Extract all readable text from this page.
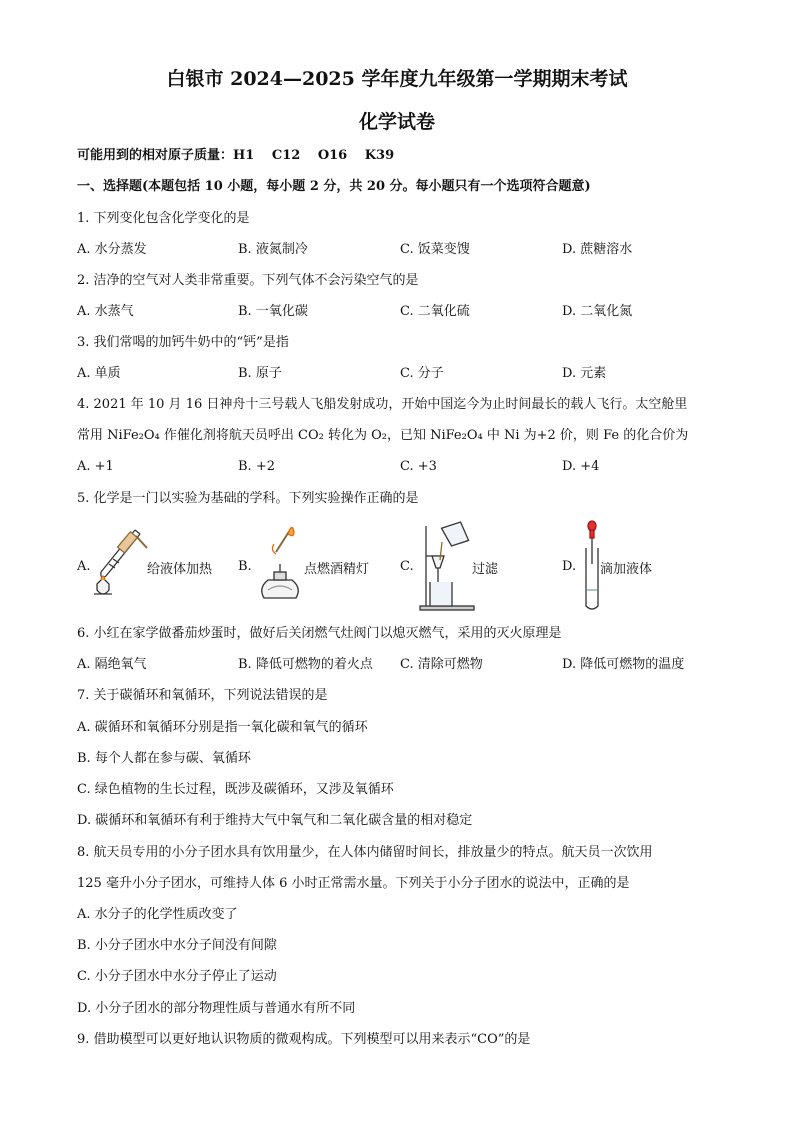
白银市 2024—2025 学年度九年级第一学期期末考试
化学试卷
可能用到的相对原子质量：H1　 C12　 O16　 K39
一、选择题(本题包括 10 小题，每小题 2 分，共 20 分。每小题只有一个选项符合题意)
1. 下列变化包含化学变化的是
A. 水分蒸发	B. 液氮制冷	C. 饭菜变馊	D. 蔗糖溶水
2. 洁净的空气对人类非常重要。下列气体不会污染空气的是
A. 水蒸气	B. 一氧化碳	C. 二氧化硫	D. 二氧化氮
3. 我们常喝的加钙牛奶中的“钙”是指
A. 单质	B. 原子	C. 分子	D. 元素
4. 2021 年 10 月 16 日神舟十三号载人飞船发射成功，开始中国迄今为止时间最长的载人飞行。太空舱里
常用 NiFe₂O₄ 作催化剂将航天员呼出 CO₂ 转化为 O₂，已知 NiFe₂O₄ 中 Ni 为+2 价，则 Fe 的化合价为
A. +1	B. +2	C. +3	D. +4
5. 化学是一门以实验为基础的学科。下列实验操作正确的是
A.	给液体加热 B.	点燃酒精灯 C.	过滤	D. 滴加液体
6. 小红在家学做番茄炒蛋时，做好后关闭燃气灶阀门以熄灭燃气，采用的灭火原理是
A. 隔绝氧气	B. 降低可燃物的着火点 C. 清除可燃物	D. 降低可燃物的温度
7. 关于碳循环和氧循环，下列说法错误的是
A. 碳循环和氧循环分别是指一氧化碳和氧气的循环
B. 每个人都在参与碳、氧循环
C. 绿色植物的生长过程，既涉及碳循环，又涉及氧循环
D. 碳循环和氧循环有利于维持大气中氧气和二氧化碳含量的相对稳定
8. 航天员专用的小分子团水具有饮用量少，在人体内储留时间长，排放量少的特点。航天员一次饮用
125 毫升小分子团水，可维持人体 6 小时正常需水量。下列关于小分子团水的说法中，正确的是
A. 水分子的化学性质改变了
B. 小分子团水中水分子间没有间隙
C. 小分子团水中水分子停止了运动
D. 小分子团水的部分物理性质与普通水有所不同
9. 借助模型可以更好地认识物质的微观构成。下列模型可以用来表示“CO”的是
